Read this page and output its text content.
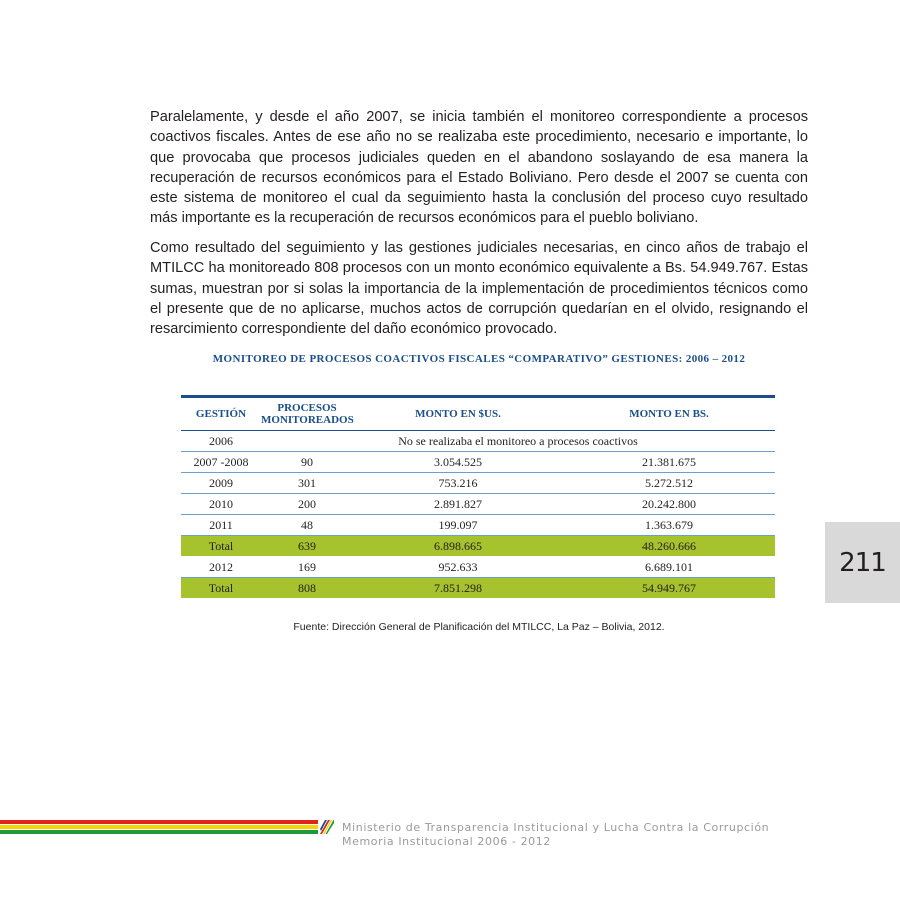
Paralelamente, y desde el año 2007, se inicia también el monitoreo correspondiente a procesos coactivos fiscales. Antes de ese año no se realizaba este procedimiento, necesario e importante, lo que provocaba que procesos judiciales queden en el abandono soslayando de esa manera la recuperación de recursos económicos para el Estado Boliviano. Pero desde el 2007 se cuenta con este sistema de monitoreo el cual da seguimiento hasta la conclusión del proceso cuyo resultado más importante es la recuperación de recursos económicos para el pueblo boliviano.

Como resultado del seguimiento y las gestiones judiciales necesarias, en cinco años de trabajo el MTILCC ha monitoreado 808 procesos con un monto económico equivalente a Bs. 54.949.767. Estas sumas, muestran por si solas la importancia de la implementación de procedimientos técnicos como el presente que de no aplicarse, muchos actos de corrupción quedarían en el olvido, resignando el resarcimiento correspondiente del daño económico provocado.

MONITOREO DE PROCESOS COACTIVOS FISCALES “COMPARATIVO” GESTIONES: 2006 – 2012
GESTIÓN	PROCESOS MONITOREADOS	MONTO EN $US.	MONTO EN BS.
2006	No se realizaba el monitoreo a procesos coactivos		
2007 -2008	90	3.054.525	21.381.675
2009	301	753.216	5.272.512
2010	200	2.891.827	20.242.800
2011	48	199.097	1.363.679
Total	639	6.898.665	48.260.666
2012	169	952.633	6.689.101
Total	808	7.851.298	54.949.767
Fuente: Dirección General de Planificación del MTILCC, La Paz – Bolivia, 2012.
211
Ministerio de Transparencia Institucional y Lucha Contra la Corrupción
Memoria Institucional 2006 - 2012
